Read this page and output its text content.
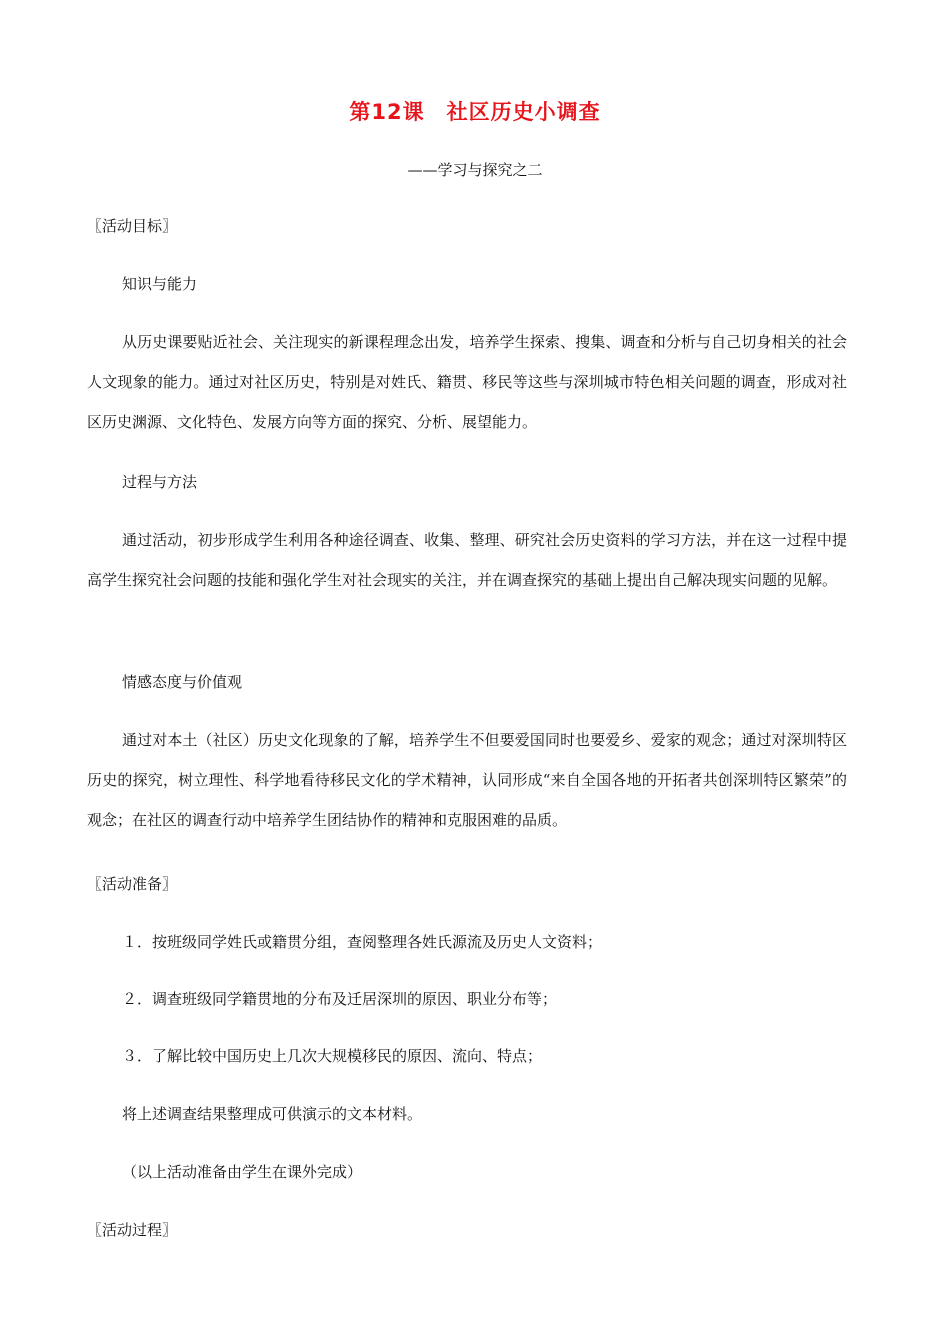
第12课　社区历史小调查
——学习与探究之二
〖活动目标〗
知识与能力
从历史课要贴近社会、关注现实的新课程理念出发，培养学生探索、搜集、调查和分析与自己切身相关的社会人文现象的能力。通过对社区历史，特别是对姓氏、籍贯、移民等这些与深圳城市特色相关问题的调查，形成对社区历史渊源、文化特色、发展方向等方面的探究、分析、展望能力。
过程与方法
通过活动，初步形成学生利用各种途径调查、收集、整理、研究社会历史资料的学习方法，并在这一过程中提高学生探究社会问题的技能和强化学生对社会现实的关注，并在调查探究的基础上提出自己解决现实问题的见解。
情感态度与价值观
通过对本土（社区）历史文化现象的了解，培养学生不但要爱国同时也要爱乡、爱家的观念；通过对深圳特区历史的探究，树立理性、科学地看待移民文化的学术精神，认同形成“来自全国各地的开拓者共创深圳特区繁荣”的观念；在社区的调查行动中培养学生团结协作的精神和克服困难的品质。
〖活动准备〗
１．按班级同学姓氏或籍贯分组，查阅整理各姓氏源流及历史人文资料；
２．调查班级同学籍贯地的分布及迁居深圳的原因、职业分布等；
３．了解比较中国历史上几次大规模移民的原因、流向、特点；
将上述调查结果整理成可供演示的文本材料。
（以上活动准备由学生在课外完成）
〖活动过程〗
